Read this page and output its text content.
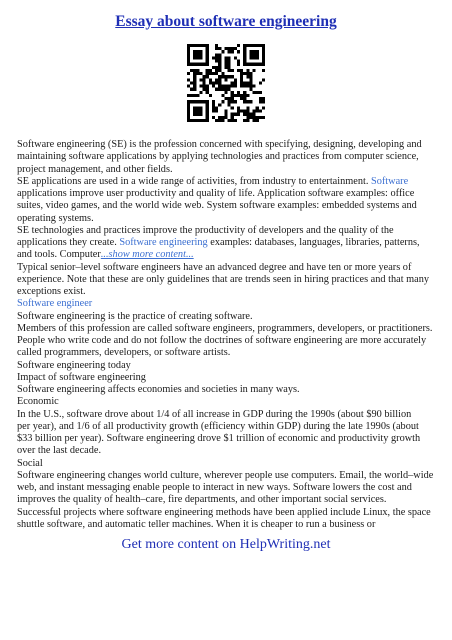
Essay about software engineering
Software engineering (SE) is the profession concerned with specifying, designing, developing and
maintaining software applications by applying technologies and practices from computer science,
project management, and other fields.
SE applications are used in a wide range of activities, from industry to entertainment. Software
applications improve user productivity and quality of life. Application software examples: office
suites, video games, and the world wide web. System software examples: embedded systems and
operating systems.
SE technologies and practices improve the productivity of developers and the quality of the
applications they create. Software engineering examples: databases, languages, libraries, patterns,
and tools. Computer...show more content...
Typical senior–level software engineers have an advanced degree and have ten or more years of
experience. Note that these are only guidelines that are trends seen in hiring practices and that many
exceptions exist.
Software engineer
Software engineering is the practice of creating software.
Members of this profession are called software engineers, programmers, developers, or practitioners.
People who write code and do not follow the doctrines of software engineering are more accurately
called programmers, developers, or software artists.
Software engineering today
Impact of software engineering
Software engineering affects economies and societies in many ways.
Economic
In the U.S., software drove about 1/4 of all increase in GDP during the 1990s (about $90 billion
per year), and 1/6 of all productivity growth (efficiency within GDP) during the late 1990s (about
$33 billion per year). Software engineering drove $1 trillion of economic and productivity growth
over the last decade.
Social
Software engineering changes world culture, wherever people use computers. Email, the world–wide
web, and instant messaging enable people to interact in new ways. Software lowers the cost and
improves the quality of health–care, fire departments, and other important social services.
Successful projects where software engineering methods have been applied include Linux, the space
shuttle software, and automatic teller machines. When it is cheaper to run a business or
Get more content on HelpWriting.net
